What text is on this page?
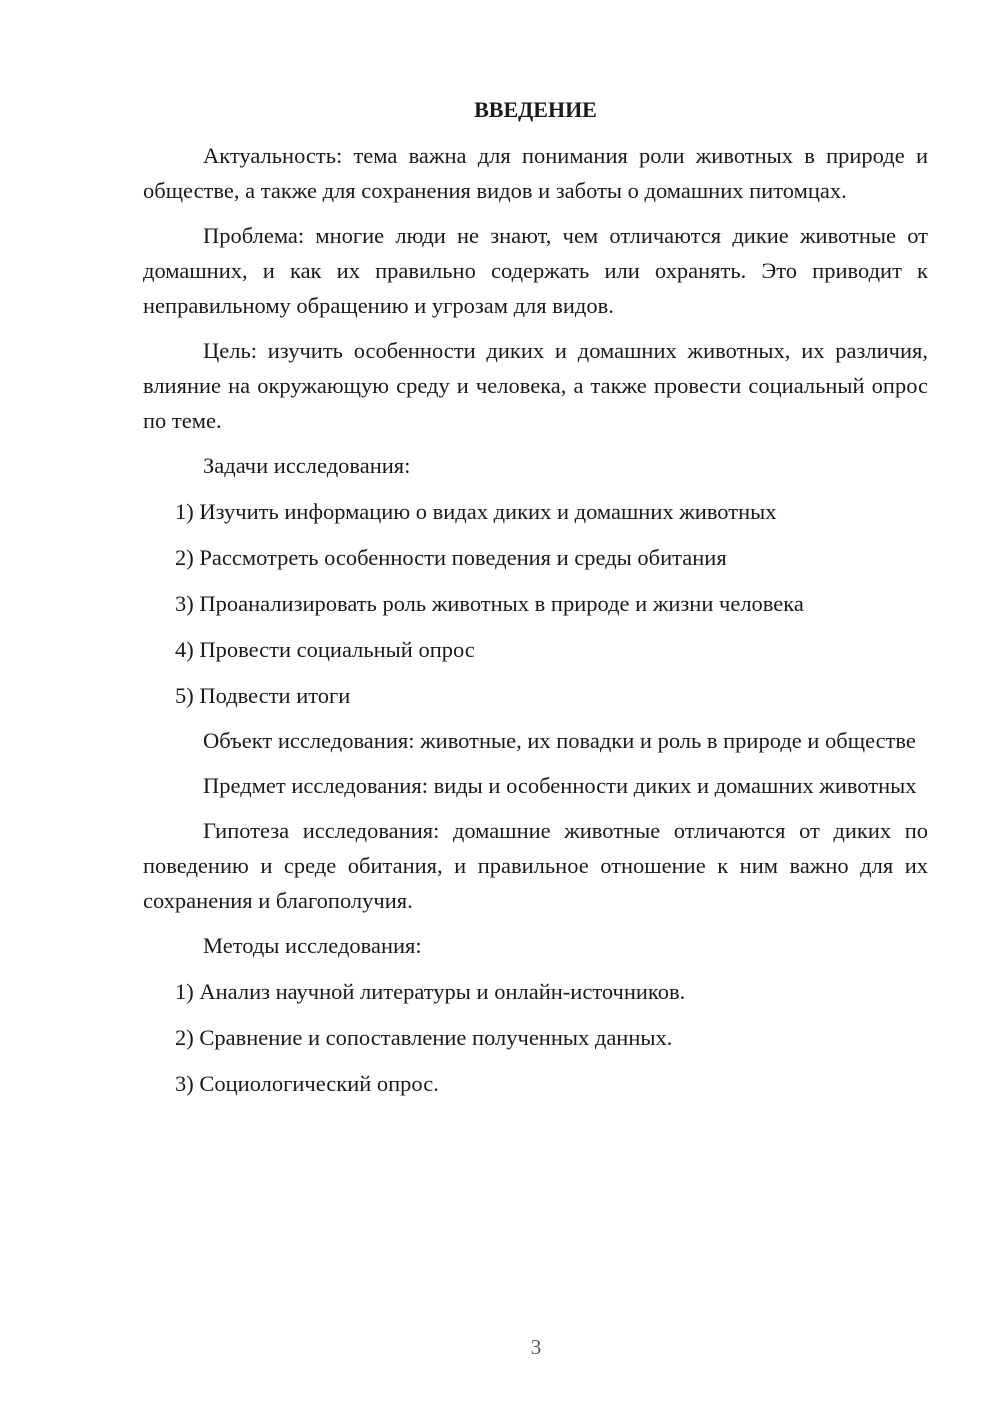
ВВЕДЕНИЕ

Актуальность: тема важна для понимания роли животных в природе и обществе, а также для сохранения видов и заботы о домашних питомцах.

Проблема: многие люди не знают, чем отличаются дикие животные от домашних, и как их правильно содержать или охранять. Это приводит к неправильному обращению и угрозам для видов.

Цель: изучить особенности диких и домашних животных, их различия, влияние на окружающую среду и человека, а также провести социальный опрос по теме.

Задачи исследования:

1) Изучить информацию о видах диких и домашних животных
2) Рассмотреть особенности поведения и среды обитания
3) Проанализировать роль животных в природе и жизни человека
4) Провести социальный опрос
5) Подвести итоги

Объект исследования: животные, их повадки и роль в природе и обществе

Предмет исследования: виды и особенности диких и домашних животных

Гипотеза исследования: домашние животные отличаются от диких по поведению и среде обитания, и правильное отношение к ним важно для их сохранения и благополучия.

Методы исследования:

1) Анализ научной литературы и онлайн-источников.
2) Сравнение и сопоставление полученных данных.
3) Социологический опрос.
3
